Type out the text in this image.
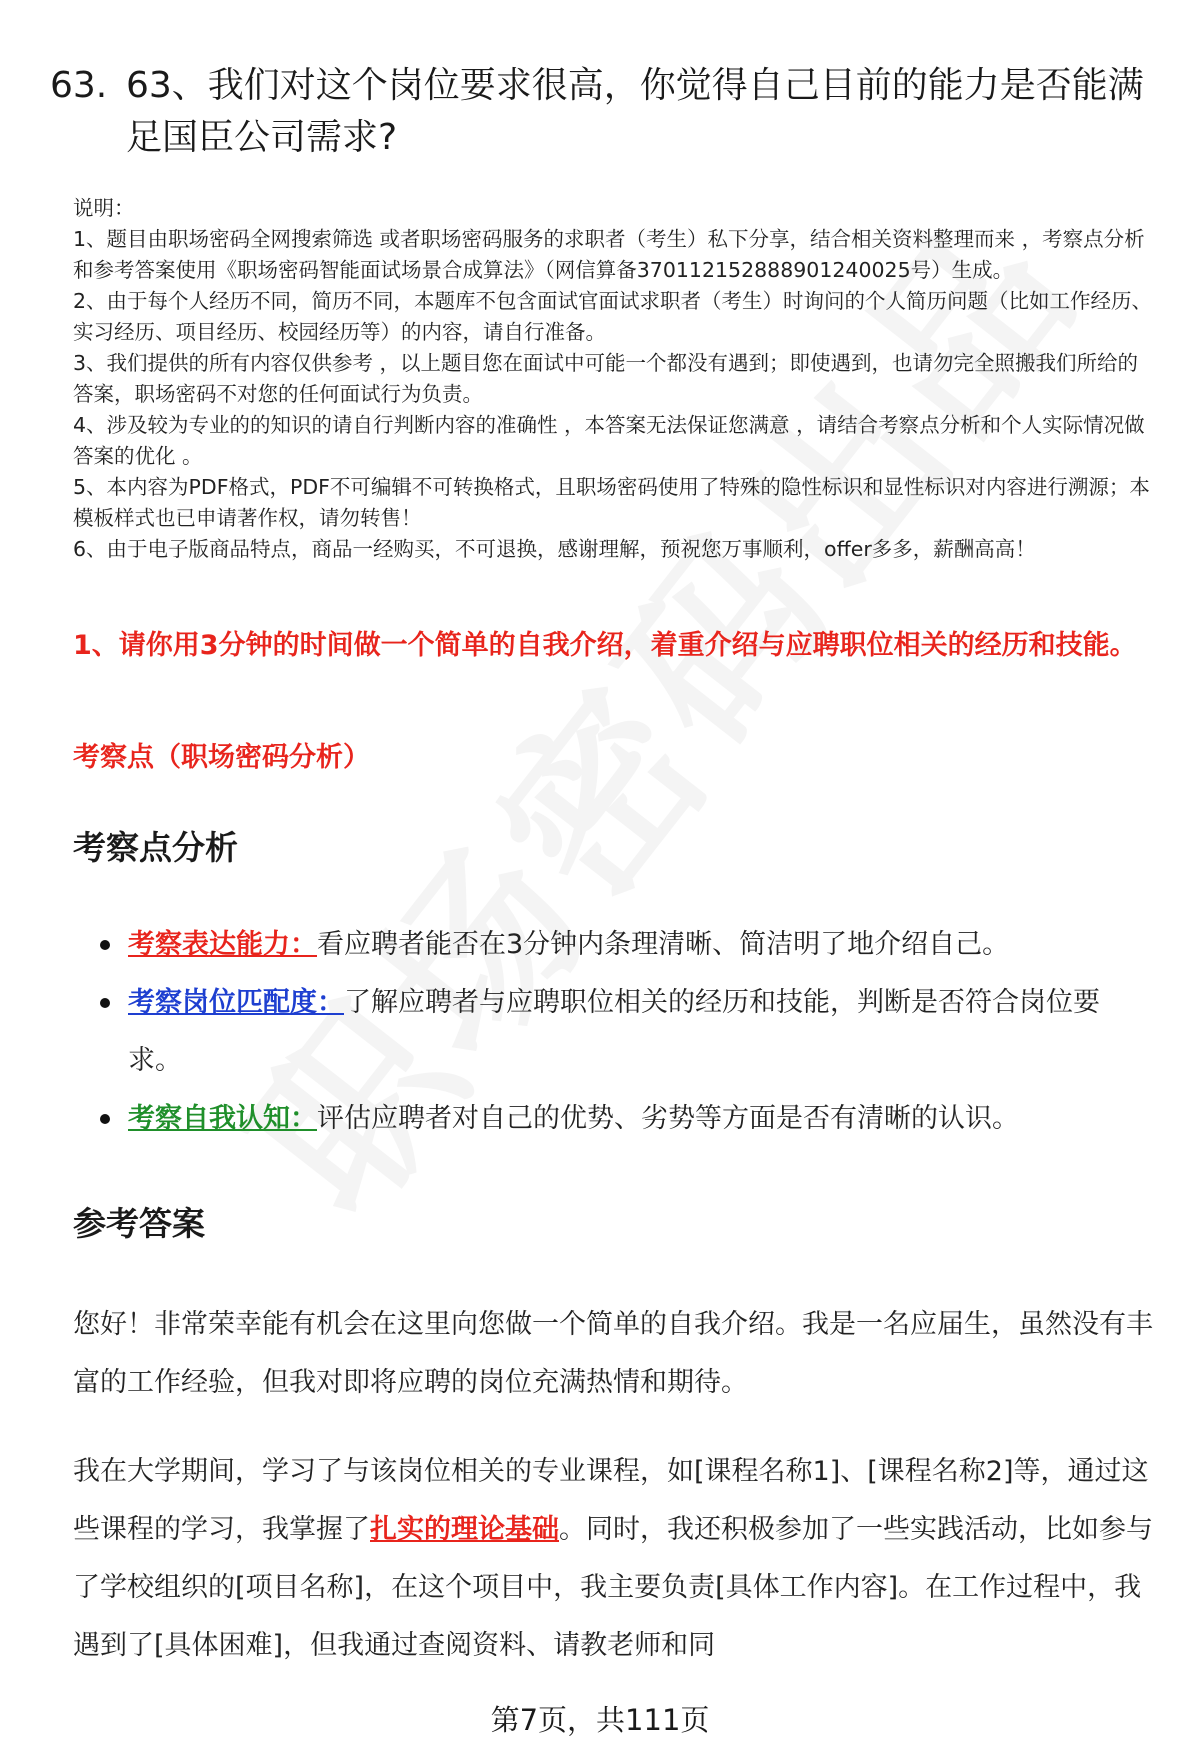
63. 63、我们对这个岗位要求很高，你觉得自己目前的能力是否能满足国臣公司需求?

说明：

1、题目由职场密码全网搜索筛选 或者职场密码服务的求职者（考生）私下分享，结合相关资料整理而来 ，考察点分析和参考答案使用《职场密码智能面试场景合成算法》（网信算备370112152888901240025号）生成。

2、由于每个人经历不同，简历不同，本题库不包含面试官面试求职者（考生）时询问的个人简历问题（比如工作经历、实习经历、项目经历、校园经历等）的内容，请自行准备。

3、我们提供的所有内容仅供参考 ，以上题目您在面试中可能一个都没有遇到；即使遇到，也请勿完全照搬我们所给的答案，职场密码不对您的任何面试行为负责。

4、涉及较为专业的的知识的请自行判断内容的准确性 ，本答案无法保证您满意 ，请结合考察点分析和个人实际情况做答案的优化 。

5、本内容为PDF格式，PDF不可编辑不可转换格式，且职场密码使用了特殊的隐性标识和显性标识对内容进行溯源；本模板样式也已申请著作权，请勿转售！

6、由于电子版商品特点，商品一经购买，不可退换，感谢理解，预祝您万事顺利，offer多多，薪酬高高！

1、请你用3分钟的时间做一个简单的自我介绍，着重介绍与应聘职位相关的经历和技能。
考察点（职场密码分析）
考察点分析
考察表达能力：看应聘者能否在3分钟内条理清晰、简洁明了地介绍自己。
考察岗位匹配度：了解应聘者与应聘职位相关的经历和技能，判断是否符合岗位要求。
考察自我认知：评估应聘者对自己的优势、劣势等方面是否有清晰的认识。
参考答案

您好！非常荣幸能有机会在这里向您做一个简单的自我介绍。我是一名应届生，虽然没有丰富的工作经验，但我对即将应聘的岗位充满热情和期待。

我在大学期间，学习了与该岗位相关的专业课程，如[课程名称1]、[课程名称2]等，通过这些课程的学习，我掌握了扎实的理论基础。同时，我还积极参加了一些实践活动，比如参与了学校组织的[项目名称]，在这个项目中，我主要负责[具体工作内容]。在工作过程中，我遇到了[具体困难]，但我通过查阅资料、请教老师和同

第7页，共111页
